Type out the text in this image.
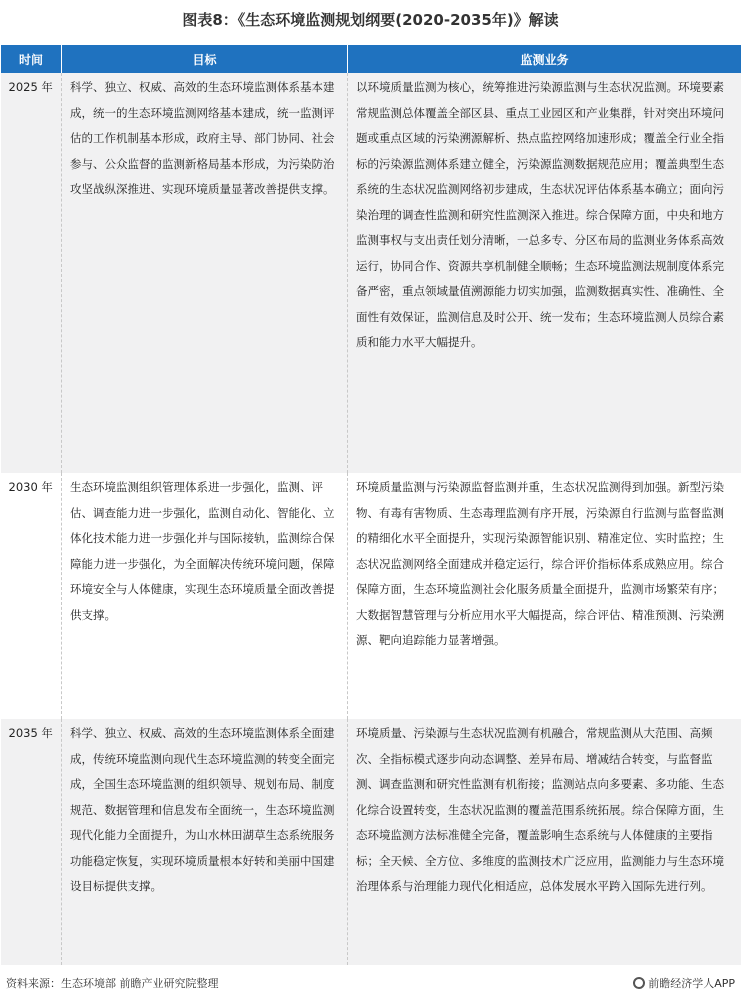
图表8：《生态环境监测规划纲要(2020-2035年)》解读
时间	目标	监测业务
2025 年	科学、独立、权威、高效的生态环境监测体系基本建成，统一的生态环境监测网络基本建成，统一监测评估的工作机制基本形成，政府主导、部门协同、社会参与、公众监督的监测新格局基本形成，为污染防治攻坚战纵深推进、实现环境质量显著改善提供支撑。	以环境质量监测为核心，统筹推进污染源监测与生态状况监测。环境要素常规监测总体覆盖全部区县、重点工业园区和产业集群，针对突出环境问题或重点区域的污染溯源解析、热点监控网络加速形成；覆盖全行业全指标的污染源监测体系建立健全，污染源监测数据规范应用；覆盖典型生态系统的生态状况监测网络初步建成，生态状况评估体系基本确立；面向污染治理的调查性监测和研究性监测深入推进。综合保障方面，中央和地方监测事权与支出责任划分清晰，一总多专、分区布局的监测业务体系高效运行，协同合作、资源共享机制健全顺畅；生态环境监测法规制度体系完备严密，重点领域量值溯源能力切实加强，监测数据真实性、准确性、全面性有效保证，监测信息及时公开、统一发布；生态环境监测人员综合素质和能力水平大幅提升。
2030 年	生态环境监测组织管理体系进一步强化，监测、评估、调查能力进一步强化，监测自动化、智能化、立体化技术能力进一步强化并与国际接轨，监测综合保障能力进一步强化，为全面解决传统环境问题，保障环境安全与人体健康，实现生态环境质量全面改善提供支撑。	环境质量监测与污染源监督监测并重，生态状况监测得到加强。新型污染物、有毒有害物质、生态毒理监测有序开展，污染源自行监测与监督监测的精细化水平全面提升，实现污染源智能识别、精准定位、实时监控；生态状况监测网络全面建成并稳定运行，综合评价指标体系成熟应用。综合保障方面，生态环境监测社会化服务质量全面提升，监测市场繁荣有序；大数据智慧管理与分析应用水平大幅提高，综合评估、精准预测、污染溯源、靶向追踪能力显著增强。
2035 年	科学、独立、权威、高效的生态环境监测体系全面建成，传统环境监测向现代生态环境监测的转变全面完成，全国生态环境监测的组织领导、规划布局、制度规范、数据管理和信息发布全面统一，生态环境监测现代化能力全面提升，为山水林田湖草生态系统服务功能稳定恢复，实现环境质量根本好转和美丽中国建设目标提供支撑。	环境质量、污染源与生态状况监测有机融合，常规监测从大范围、高频次、全指标模式逐步向动态调整、差异布局、增减结合转变，与监督监测、调查监测和研究性监测有机衔接；监测站点向多要素、多功能、生态化综合设置转变，生态状况监测的覆盖范围系统拓展。综合保障方面，生态环境监测方法标准健全完备，覆盖影响生态系统与人体健康的主要指标；全天候、全方位、多维度的监测技术广泛应用，监测能力与生态环境治理体系与治理能力现代化相适应，总体发展水平跨入国际先进行列。
资料来源：生态环境部 前瞻产业研究院整理	前瞻经济学人APP
